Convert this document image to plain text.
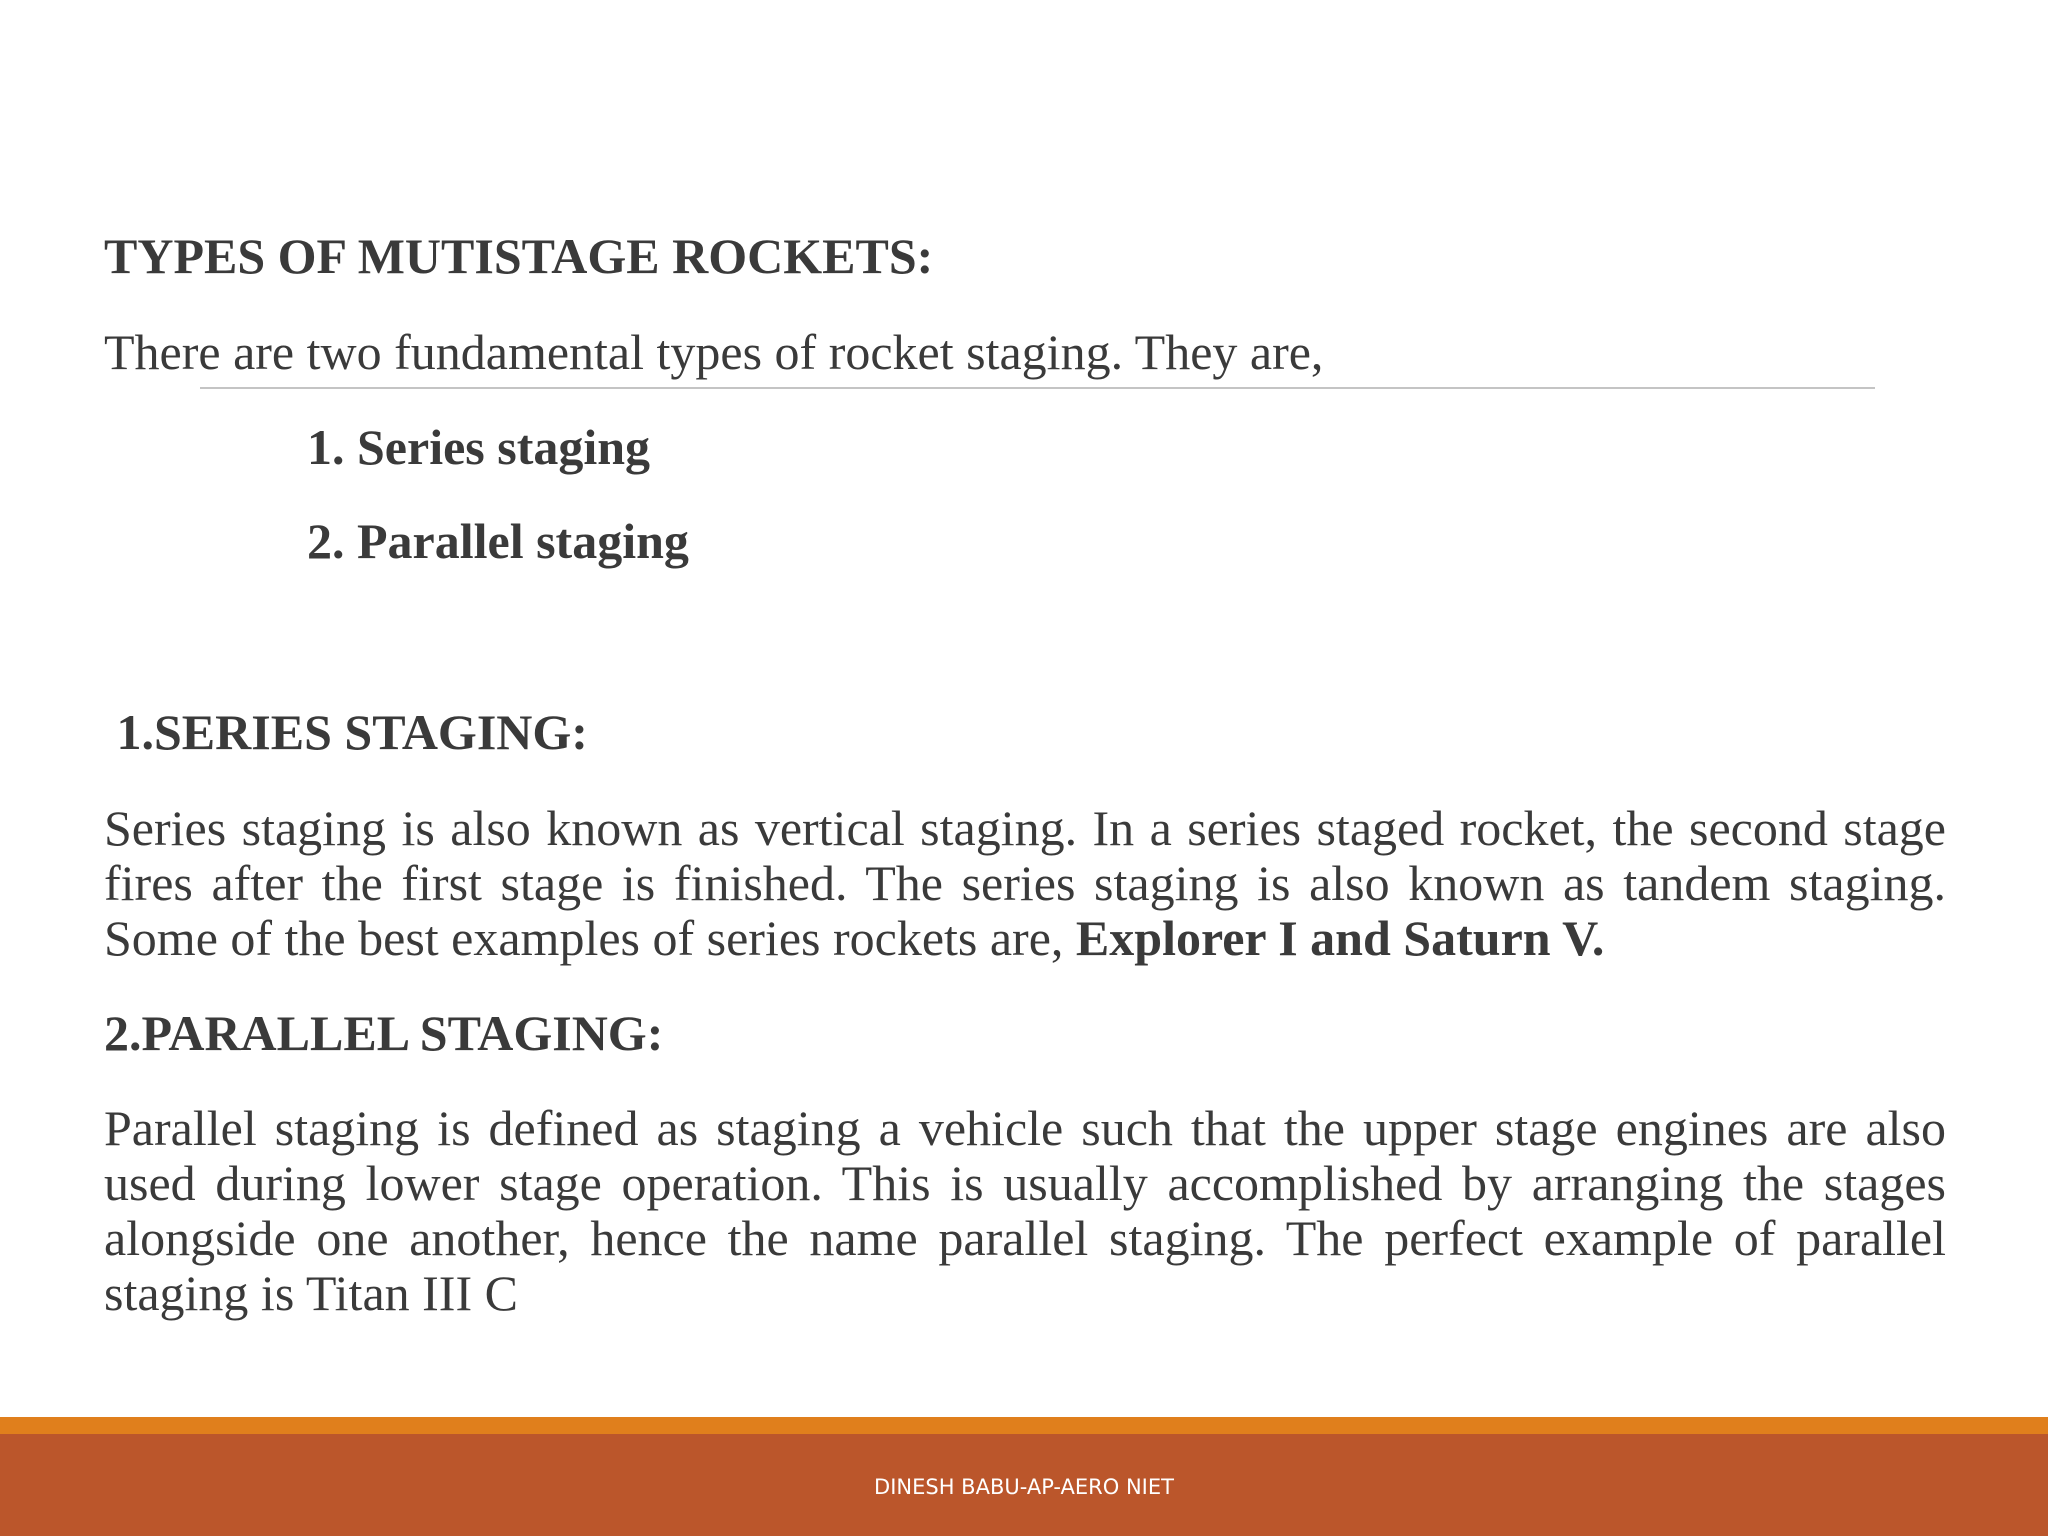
TYPES OF MUTISTAGE ROCKETS:
There are two fundamental types of rocket staging. They are,
1. Series staging
2. Parallel staging
1.SERIES STAGING:
Series staging is also known as vertical staging. In a series staged rocket, the second stage fires after the first stage is finished. The series staging is also known as tandem staging. Some of the best examples of series rockets are, Explorer I and Saturn V.
2.PARALLEL STAGING:
Parallel staging is defined as staging a vehicle such that the upper stage engines are also used during lower stage operation. This is usually accomplished by arranging the stages alongside one another, hence the name parallel staging. The perfect example of parallel staging is Titan III C
DINESH BABU-AP-AERO NIET
